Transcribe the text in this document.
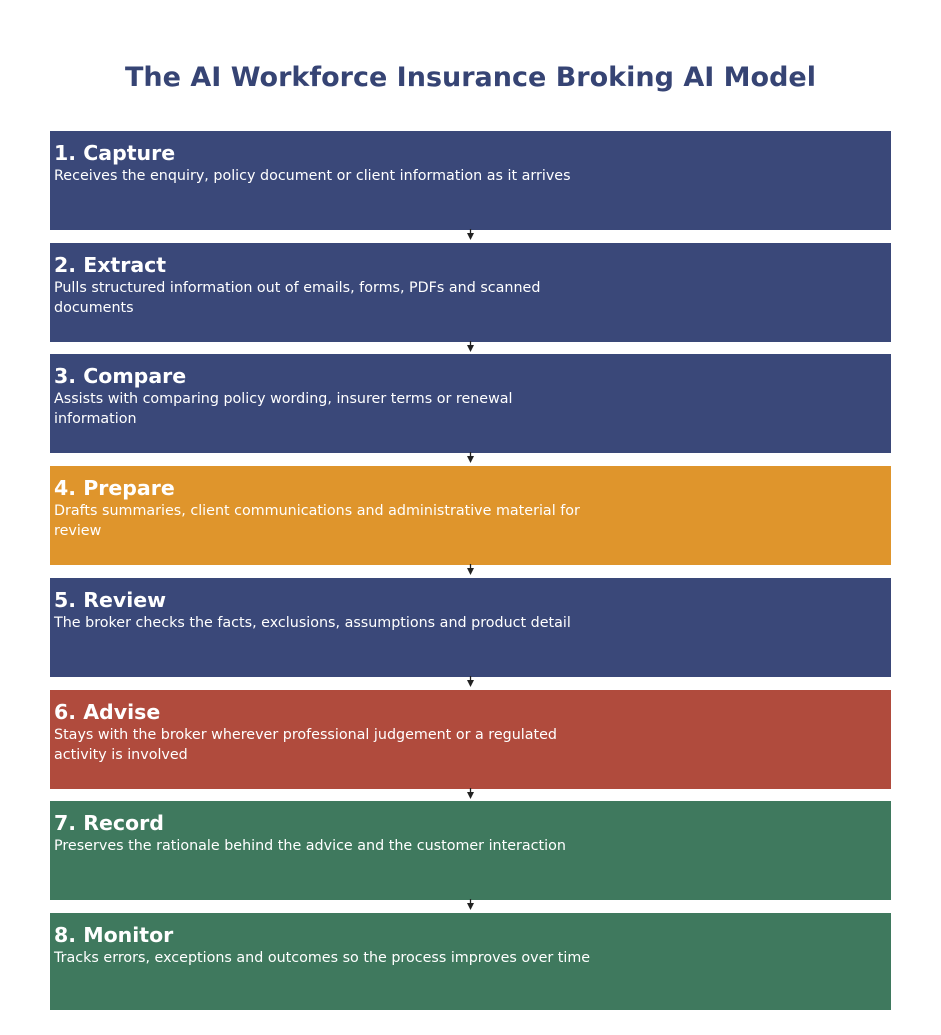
The AI Workforce Insurance Broking AI Model
1. Capture
Receives the enquiry, policy document or client information as it arrives
2. Extract
Pulls structured information out of emails, forms, PDFs and scanned documents
3. Compare
Assists with comparing policy wording, insurer terms or renewal information
4. Prepare
Drafts summaries, client communications and administrative material for review
5. Review
The broker checks the facts, exclusions, assumptions and product detail
6. Advise
Stays with the broker wherever professional judgement or a regulated activity is involved
7. Record
Preserves the rationale behind the advice and the customer interaction
8. Monitor
Tracks errors, exceptions and outcomes so the process improves over time
